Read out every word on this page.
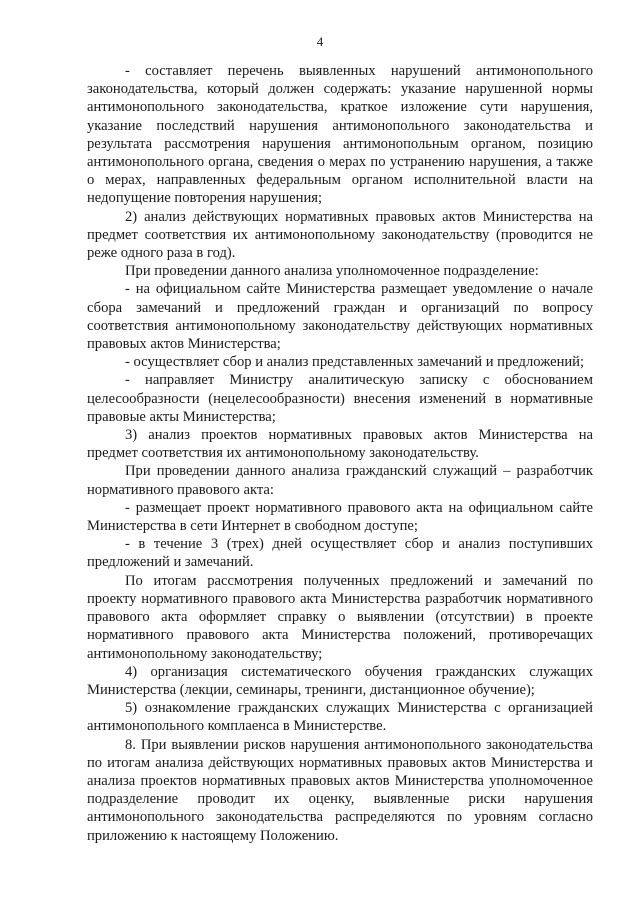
4

- составляет перечень выявленных нарушений антимонопольного законодательства, который должен содержать: указание нарушенной нормы антимонопольного законодательства, краткое изложение сути нарушения, указание последствий нарушения антимонопольного законодательства и результата рассмотрения нарушения антимонопольным органом, позицию антимонопольного органа, сведения о мерах по устранению нарушения, а также о мерах, направленных федеральным органом исполнительной власти на недопущение повторения нарушения;

2) анализ действующих нормативных правовых актов Министерства на предмет соответствия их антимонопольному законодательству (проводится не реже одного раза в год).

При проведении данного анализа уполномоченное подразделение:

- на официальном сайте Министерства размещает уведомление о начале сбора замечаний и предложений граждан и организаций по вопросу соответствия антимонопольному законодательству действующих нормативных правовых актов Министерства;

- осуществляет сбор и анализ представленных замечаний и предложений;

- направляет Министру аналитическую записку с обоснованием целесообразности (нецелесообразности) внесения изменений в нормативные правовые акты Министерства;

3) анализ проектов нормативных правовых актов Министерства на предмет соответствия их антимонопольному законодательству.

При проведении данного анализа гражданский служащий – разработчик нормативного правового акта:

- размещает проект нормативного правового акта на официальном сайте Министерства в сети Интернет в свободном доступе;

- в течение 3 (трех) дней осуществляет сбор и анализ поступивших предложений и замечаний.

По итогам рассмотрения полученных предложений и замечаний по проекту нормативного правового акта Министерства разработчик нормативного правового акта оформляет справку о выявлении (отсутствии) в проекте нормативного правового акта Министерства положений, противоречащих антимонопольному законодательству;

4) организация систематического обучения гражданских служащих Министерства (лекции, семинары, тренинги, дистанционное обучение);

5) ознакомление гражданских служащих Министерства с организацией антимонопольного комплаенса в Министерстве.

8. При выявлении рисков нарушения антимонопольного законодательства по итогам анализа действующих нормативных правовых актов Министерства и анализа проектов нормативных правовых актов Министерства уполномоченное подразделение проводит их оценку, выявленные риски нарушения антимонопольного законодательства распределяются по уровням согласно приложению к настоящему Положению.
